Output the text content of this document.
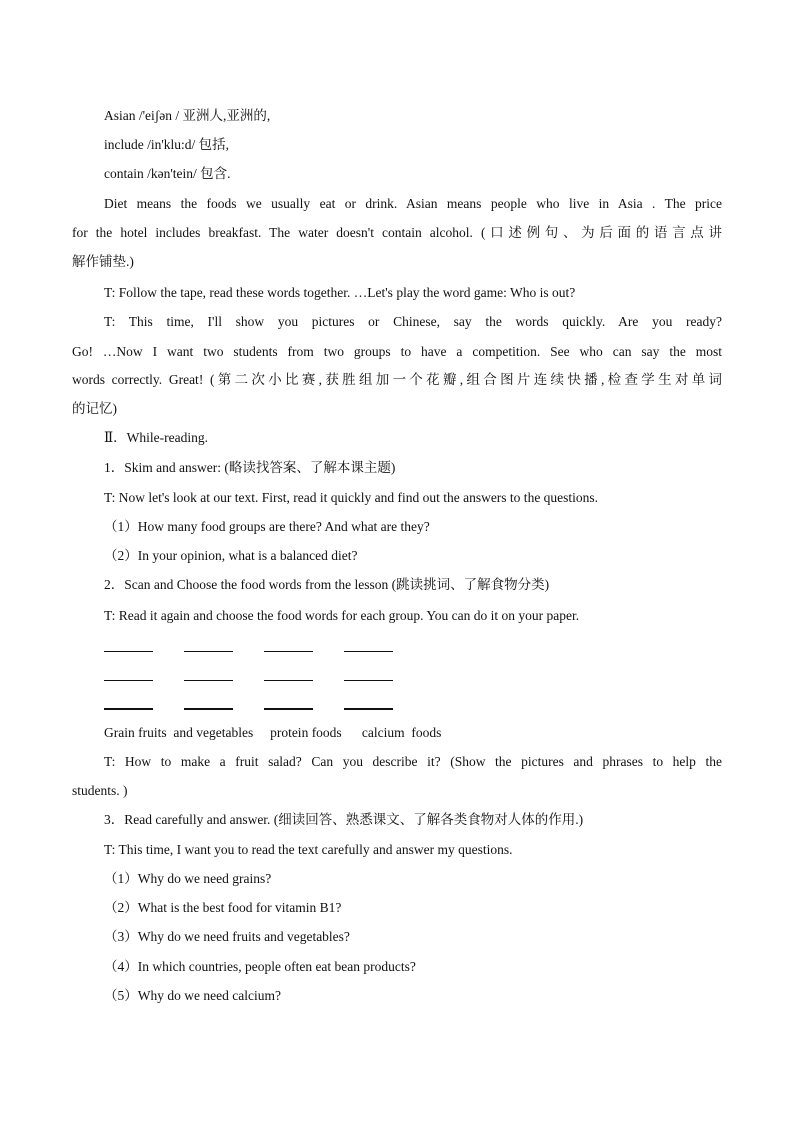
Asian /'eiʃən / 亚洲人,亚洲的,
include /in'klu:d/ 包括,
contain /kən'tein/ 包含.
Diet means the foods we usually eat or drink. Asian means people who live in Asia . The price
for the hotel includes breakfast. The water doesn't contain alcohol. (口述例句、为后面的语言点讲
解作铺垫.)
T: Follow the tape, read these words together. …Let's play the word game: Who is out?
T: This time, I'll show you pictures or Chinese, say the words quickly. Are you ready?
Go! …Now I want two students from two groups to have a competition. See who can say the most
words correctly. Great! (第二次小比赛,获胜组加一个花瓣,组合图片连续快播,检查学生对单词
的记忆)
Ⅱ．While-reading.
1．Skim and answer: (略读找答案、了解本课主题)
T: Now let's look at our text. First, read it quickly and find out the answers to the questions.
（1）How many food groups are there? And what are they?
（2）In your opinion, what is a balanced diet?
2．Scan and Choose the food words from the lesson (跳读挑词、了解食物分类)
T: Read it again and choose the food words for each group. You can do it on your paper.
Grain fruits  and vegetables     protein foods      calcium  foods
T: How to make a fruit salad? Can you describe it? (Show the pictures and phrases to help the
students. )
3．Read carefully and answer. (细读回答、熟悉课文、了解各类食物对人体的作用.)
T: This time, I want you to read the text carefully and answer my questions.
（1）Why do we need grains?
（2）What is the best food for vitamin B1?
（3）Why do we need fruits and vegetables?
（4）In which countries, people often eat bean products?
（5）Why do we need calcium?
